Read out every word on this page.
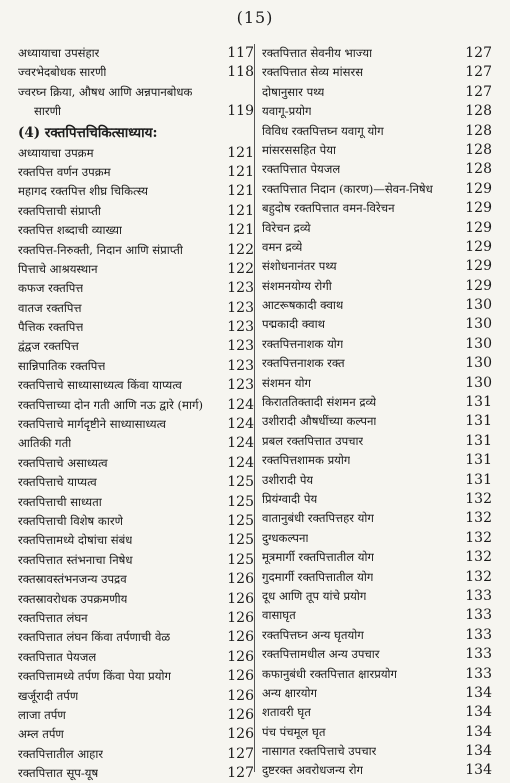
(15)
अध्यायाचा उपसंहार	117
ज्वरभेदबोधक सारणी	118
ज्वरघ्न क्रिया, औषध आणि अन्नपानबोधक
सारणी	119
(4) रक्तपित्तचिकित्साध्याय:
अध्यायाचा उपक्रम	121
रक्तपित्त वर्णन उपक्रम	121
महागद रक्तपित्त शीघ्र चिकित्स्य	121
रक्तपित्ताची संप्राप्ती	121
रक्तपित्त शब्दाची व्याख्या	121
रक्तपित्त-निरुक्ती, निदान आणि संप्राप्ती	122
पित्ताचे आश्रयस्थान	122
कफज रक्तपित्त	123
वातज रक्तपित्त	123
पैत्तिक रक्तपित्त	123
द्वंद्वज रक्तपित्त	123
सान्निपातिक रक्तपित्त	123
रक्तपित्ताचे साध्यासाध्यत्व किंवा याप्यत्व	123
रक्तपित्ताच्या दोन गती आणि नऊ द्वारे (मार्ग) 124
रक्तपित्ताचे मार्गदृष्टीने साध्यासाध्यत्व	124
आतिकी गती	124
रक्तपित्ताचे असाध्यत्व	124
रक्तपित्ताचे याप्यत्व	125
रक्तपित्ताची साध्यता	125
रक्तपित्ताची विशेष कारणे	125
रक्तपित्तामध्ये दोषांचा संबंध	125
रक्तपित्तात स्तंभनाचा निषेध	125
रक्तस्रावस्तंभनजन्य उपद्रव	126
रक्तस्रावरोधक उपक्रमणीय	126
रक्तपित्तात लंघन	126
रक्तपित्तात लंघन किंवा तर्पणाची वेळ	126
रक्तपित्तात पेयजल	126
रक्तपित्तामध्ये तर्पण किंवा पेया प्रयोग	126
खर्जूरादी तर्पण	126
लाजा तर्पण	126
अम्ल तर्पण	126
रक्तपित्तातील आहार	127
रक्तपित्तात सूप-यूष	127
रक्तपित्तात सेवनीय भाज्या	127
रक्तपित्तात सेव्य मांसरस	127
दोषानुसार पथ्य	127
यवागू-प्रयोग	128
विविध रक्तपित्तघ्न यवागू योग	128
मांसरससहित पेया	128
रक्तपित्तात पेयजल	128
रक्तपित्तात निदान (कारण)—सेवन-निषेध 129
बहुदोष रक्तपित्तात वमन-विरेचन	129
विरेचन द्रव्ये	129
वमन द्रव्ये	129
संशोधनानंतर पथ्य	129
संशमनयोग्य रोगी	129
आटरूषकादी क्वाथ	130
पद्मकादी क्वाथ	130
रक्तपित्तनाशक योग	130
रक्तपित्तनाशक रक्त	130
संशमन योग	130
किराततिक्तादी संशमन द्रव्ये	131
उशीरादी औषधींच्या कल्पना	131
प्रबल रक्तपित्तात उपचार	131
रक्तपित्तशामक प्रयोग	131
उशीरादी पेय	131
प्रियंग्वादी पेय	132
वातानुबंधी रक्तपित्तहर योग	132
दुग्धकल्पना	132
मूत्रमार्गी रक्तपित्तातील योग	132
गुदमार्गी रक्तपित्तातील योग	132
दूध आणि तूप यांचे प्रयोग	133
वासाघृत	133
रक्तपित्तघ्न अन्य घृतयोग	133
रक्तपित्तामधील अन्य उपचार	133
कफानुबंधी रक्तपित्तात क्षारप्रयोग	133
अन्य क्षारयोग	134
शतावरी घृत	134
पंच पंचमूल घृत	134
नासागत रक्तपित्ताचे उपचार	134
दुष्टरक्त अवरोधजन्य रोग	134
